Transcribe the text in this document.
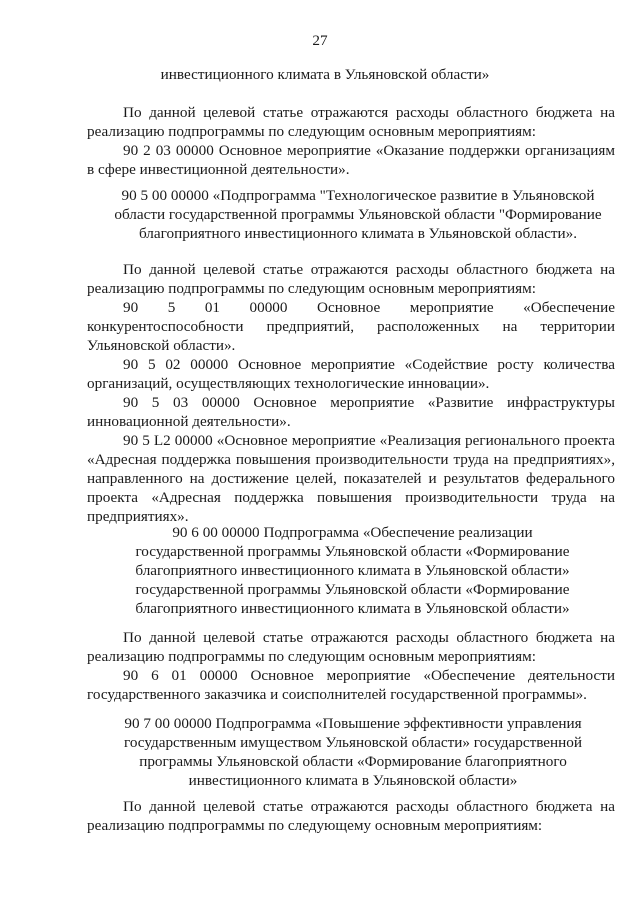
27
инвестиционного климата в Ульяновской области»

По данной целевой статье отражаются расходы областного бюджета на реализацию подпрограммы по следующим основным мероприятиям:

90 2 03 00000 Основное мероприятие «Оказание поддержки организациям в сфере инвестиционной деятельности».

90 5 00 00000 «Подпрограмма "Технологическое развитие в Ульяновской области государственной программы Ульяновской области "Формирование благоприятного инвестиционного климата в Ульяновской области».

По данной целевой статье отражаются расходы областного бюджета на реализацию подпрограммы по следующим основным мероприятиям:

90 5 01 00000 Основное мероприятие «Обеспечение конкурентоспособности предприятий, расположенных на территории Ульяновской области».

90 5 02 00000 Основное мероприятие «Содействие росту количества организаций, осуществляющих технологические инновации».

90 5 03 00000 Основное мероприятие «Развитие инфраструктуры инновационной деятельности».

90 5 L2 00000 «Основное мероприятие «Реализация регионального проекта «Адресная поддержка повышения производительности труда на предприятиях», направленного на достижение целей, показателей и результатов федерального проекта «Адресная поддержка повышения производительности труда на предприятиях».

90 6 00 00000 Подпрограмма «Обеспечение реализации государственной программы Ульяновской области «Формирование благоприятного инвестиционного климата в Ульяновской области» государственной программы Ульяновской области «Формирование благоприятного инвестиционного климата в Ульяновской области»

По данной целевой статье отражаются расходы областного бюджета на реализацию подпрограммы по следующим основным мероприятиям:

90 6 01 00000 Основное мероприятие «Обеспечение деятельности государственного заказчика и соисполнителей государственной программы».

90 7 00 00000 Подпрограмма «Повышение эффективности управления государственным имуществом Ульяновской области» государственной программы Ульяновской области «Формирование благоприятного инвестиционного климата в Ульяновской области»

По данной целевой статье отражаются расходы областного бюджета на реализацию подпрограммы по следующему основным мероприятиям:
